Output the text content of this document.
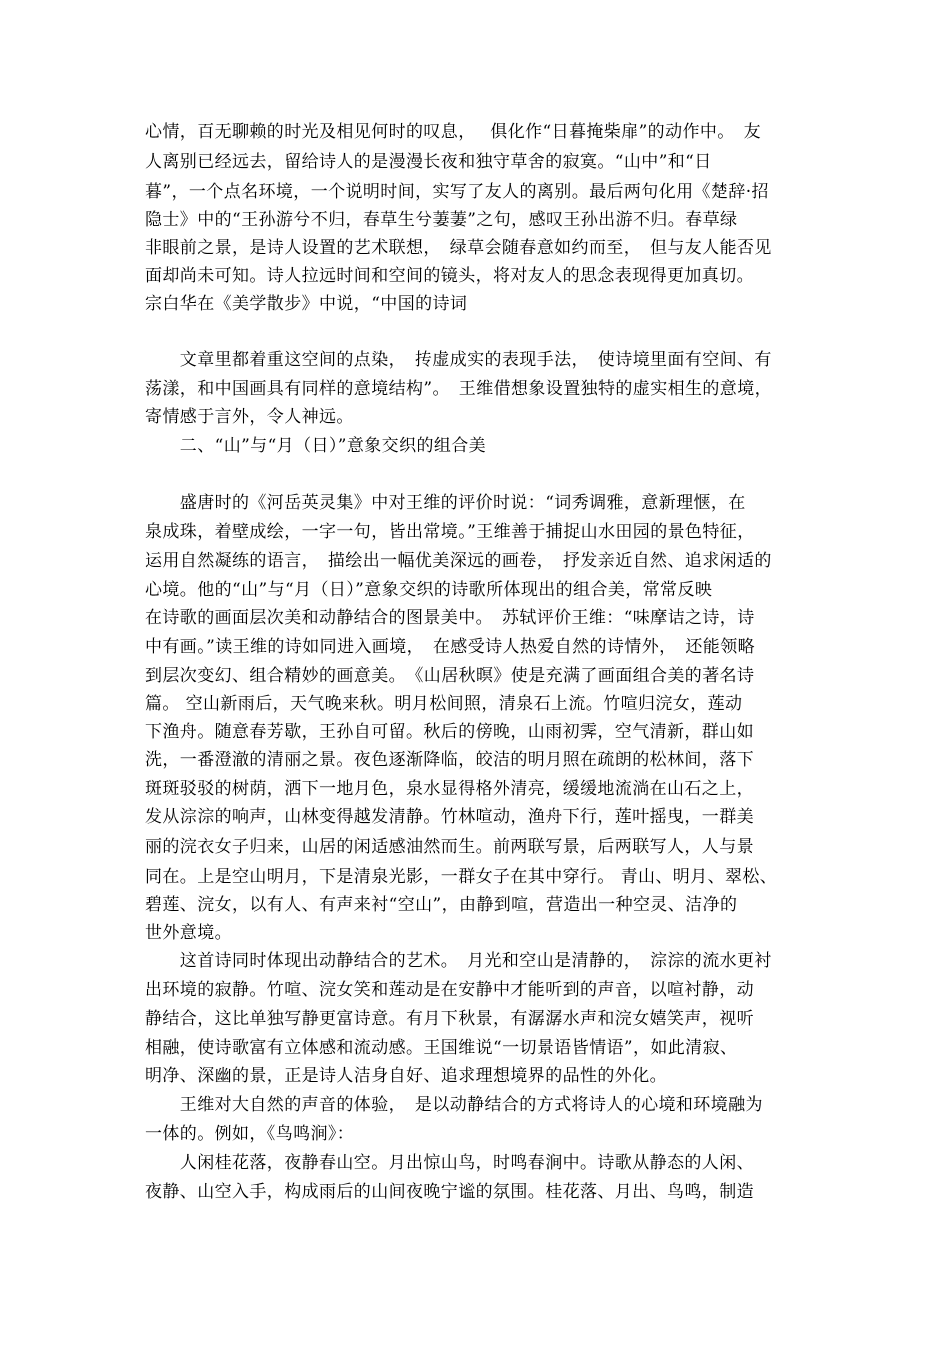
心情，百无聊赖的时光及相见何时的叹息，　 俱化作“日暮掩柴扉”的动作中。　友
人离别已经远去，留给诗人的是漫漫长夜和独守草舍的寂寞。“山中”和“日
暮”，一个点名环境，一个说明时间，实写了友人的离别。最后两句化用《楚辞·招
隐士》中的“王孙游兮不归，春草生兮萋萋”之句，感叹王孙出游不归。春草绿
非眼前之景，是诗人设置的艺术联想，　绿草会随春意如约而至，　但与友人能否见
面却尚未可知。诗人拉远时间和空间的镜头，将对友人的思念表现得更加真切。
宗白华在《美学散步》中说，“中国的诗词
　　文章里都着重这空间的点染，　抟虚成实的表现手法，　使诗境里面有空间、有
荡漾，和中国画具有同样的意境结构”。　王维借想象设置独特的虚实相生的意境，
寄情感于言外，令人神远。
　　二、“山”与“月（日）”意象交织的组合美
　　盛唐时的《河岳英灵集》中对王维的评价时说：“词秀调雅，意新理惬，在
泉成珠，着壁成绘，一字一句，皆出常境。”王维善于捕捉山水田园的景色特征，
运用自然凝练的语言，　描绘出一幅优美深远的画卷，　抒发亲近自然、追求闲适的
心境。他的“山”与“月（日）”意象交织的诗歌所体现出的组合美，常常反映
在诗歌的画面层次美和动静结合的图景美中。　苏轼评价王维：“味摩诘之诗，诗
中有画。”读王维的诗如同进入画境，　在感受诗人热爱自然的诗情外，　还能领略
到层次变幻、组合精妙的画意美。　《山居秋暝》使是充满了画面组合美的著名诗
篇。 空山新雨后，天气晚来秋。明月松间照，清泉石上流。竹喧归浣女，莲动
下渔舟。随意春芳歇，王孙自可留。秋后的傍晚，山雨初霁，空气清新，群山如
洗，一番澄澈的清丽之景。夜色逐渐降临，皎洁的明月照在疏朗的松林间，落下
斑斑驳驳的树荫，洒下一地月色，泉水显得格外清亮，缓缓地流淌在山石之上，
发从淙淙的响声，山林变得越发清静。竹林喧动，渔舟下行，莲叶摇曳，一群美
丽的浣衣女子归来，山居的闲适感油然而生。前两联写景，后两联写人，人与景
同在。上是空山明月，下是清泉光影，一群女子在其中穿行。 青山、明月、翠松、
碧莲、浣女，以有人、有声来衬“空山”，由静到喧，营造出一种空灵、洁净的
世外意境。
　　这首诗同时体现出动静结合的艺术。　月光和空山是清静的，　淙淙的流水更衬
出环境的寂静。竹喧、浣女笑和莲动是在安静中才能听到的声音，以喧衬静，动
静结合，这比单独写静更富诗意。有月下秋景，有潺潺水声和浣女嬉笑声，视听
相融，使诗歌富有立体感和流动感。王国维说“一切景语皆情语”，如此清寂、
明净、深幽的景，正是诗人洁身自好、追求理想境界的品性的外化。
　　王维对大自然的声音的体验，　是以动静结合的方式将诗人的心境和环境融为
一体的。例如，《鸟鸣涧》：
　　人闲桂花落，夜静春山空。月出惊山鸟，时鸣春涧中。诗歌从静态的人闲、
夜静、山空入手，构成雨后的山间夜晚宁谧的氛围。桂花落、月出、鸟鸣，制造
